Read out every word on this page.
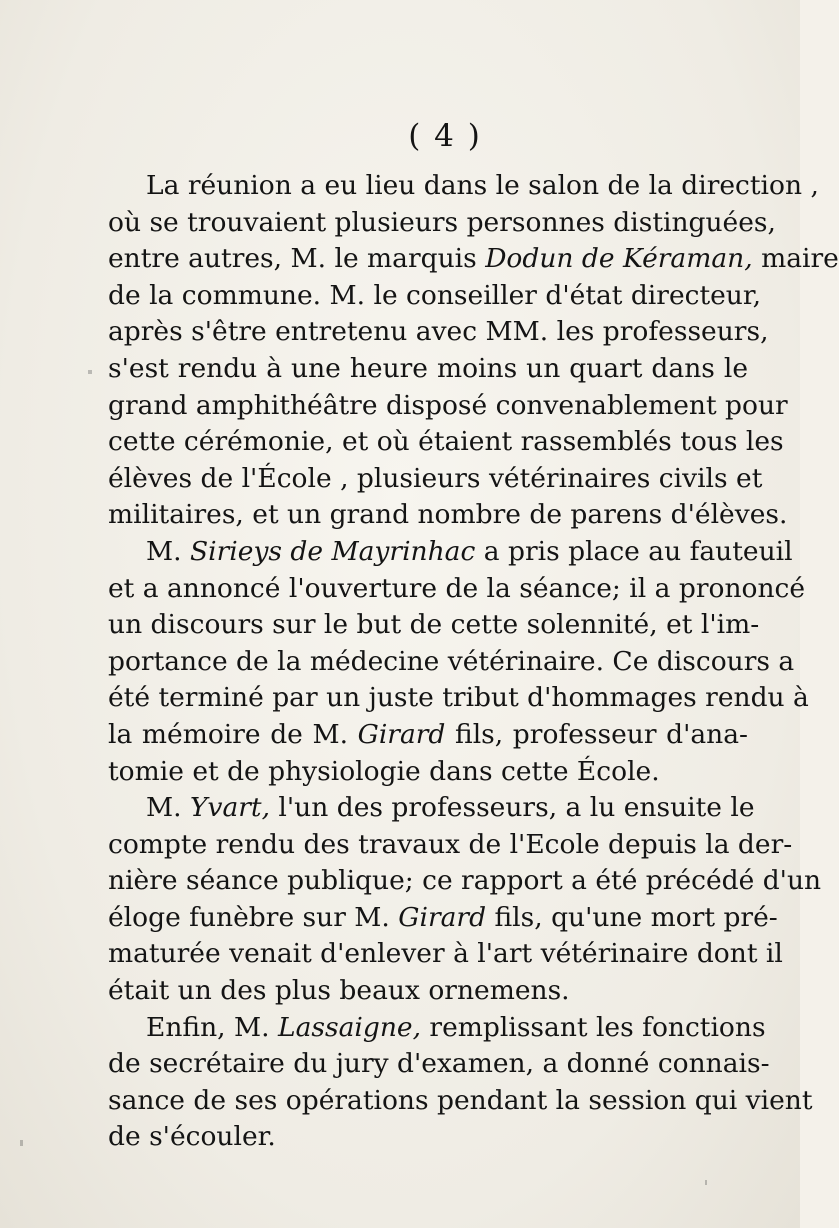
( 4 )
La réunion a eu lieu dans le salon de la direction ,
où se trouvaient plusieurs personnes distinguées,
entre autres, M. le marquis Dodun de Kéraman, maire
de la commune. M. le conseiller d'état directeur,
après s'être entretenu avec MM. les professeurs,
s'est rendu à une heure moins un quart dans le
grand amphithéâtre disposé convenablement pour
cette cérémonie, et où étaient rassemblés tous les
élèves de l'École , plusieurs vétérinaires civils et
militaires, et un grand nombre de parens d'élèves.
M. Sirieys de Mayrinhac a pris place au fauteuil
et a annoncé l'ouverture de la séance; il a prononcé
un discours sur le but de cette solennité, et l'im-
portance de la médecine vétérinaire. Ce discours a
été terminé par un juste tribut d'hommages rendu à
la mémoire de M. Girard fils, professeur d'ana-
tomie et de physiologie dans cette École.
M. Yvart, l'un des professeurs, a lu ensuite le
compte rendu des travaux de l'Ecole depuis la der-
nière séance publique; ce rapport a été précédé d'un
éloge funèbre sur M. Girard fils, qu'une mort pré-
maturée venait d'enlever à l'art vétérinaire dont il
était un des plus beaux ornemens.
Enfin, M. Lassaigne, remplissant les fonctions
de secrétaire du jury d'examen, a donné connais-
sance de ses opérations pendant la session qui vient
de s'écouler.
